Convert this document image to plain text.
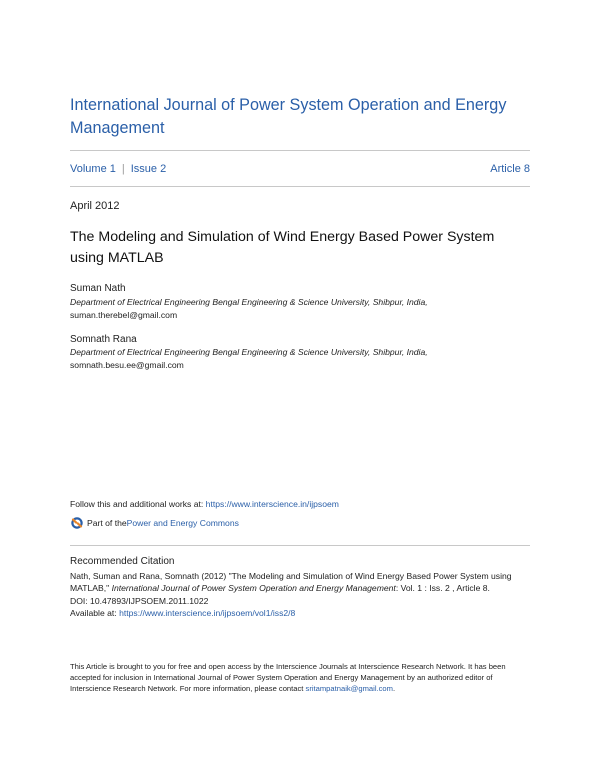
International Journal of Power System Operation and Energy Management
Volume 1 | Issue 2	Article 8
April 2012
The Modeling and Simulation of Wind Energy Based Power System using MATLAB
Suman Nath
Department of Electrical Engineering Bengal Engineering & Science University, Shibpur, India,
suman.therebel@gmail.com
Somnath Rana
Department of Electrical Engineering Bengal Engineering & Science University, Shibpur, India,
somnath.besu.ee@gmail.com
Follow this and additional works at: https://www.interscience.in/ijpsoem
Part of the Power and Energy Commons
Recommended Citation
Nath, Suman and Rana, Somnath (2012) "The Modeling and Simulation of Wind Energy Based Power System using MATLAB," International Journal of Power System Operation and Energy Management: Vol. 1 : Iss. 2 , Article 8.
DOI: 10.47893/IJPSOEM.2011.1022
Available at: https://www.interscience.in/ijpsoem/vol1/iss2/8
This Article is brought to you for free and open access by the Interscience Journals at Interscience Research Network. It has been accepted for inclusion in International Journal of Power System Operation and Energy Management by an authorized editor of Interscience Research Network. For more information, please contact sritampatnaik@gmail.com.
